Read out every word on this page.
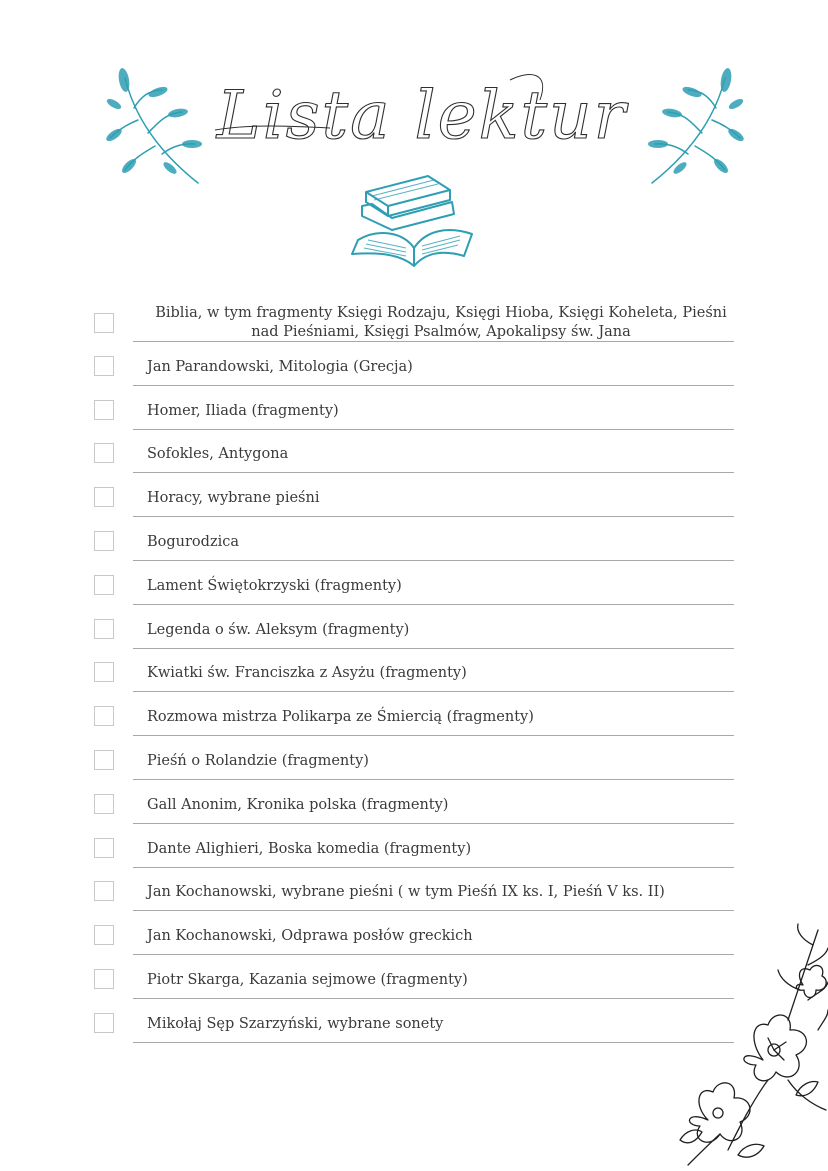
Lista lektur
Biblia, w tym fragmenty Księgi Rodzaju, Księgi Hioba, Księgi Koheleta, Pieśni nad Pieśniami, Księgi Psalmów, Apokalipsy św. Jana
Jan Parandowski, Mitologia (Grecja)
Homer, Iliada (fragmenty)
Sofokles, Antygona
Horacy, wybrane pieśni
Bogurodzica
Lament Świętokrzyski (fragmenty)
Legenda o św. Aleksym (fragmenty)
Kwiatki św. Franciszka z Asyżu (fragmenty)
Rozmowa mistrza Polikarpa ze Śmiercią (fragmenty)
Pieśń o Rolandzie (fragmenty)
Gall Anonim, Kronika polska (fragmenty)
Dante Alighieri, Boska komedia (fragmenty)
Jan Kochanowski, wybrane pieśni ( w tym Pieśń IX ks. I, Pieśń V ks. II)
Jan Kochanowski, Odprawa posłów greckich
Piotr Skarga, Kazania sejmowe (fragmenty)
Mikołaj Sęp Szarzyński, wybrane sonety
